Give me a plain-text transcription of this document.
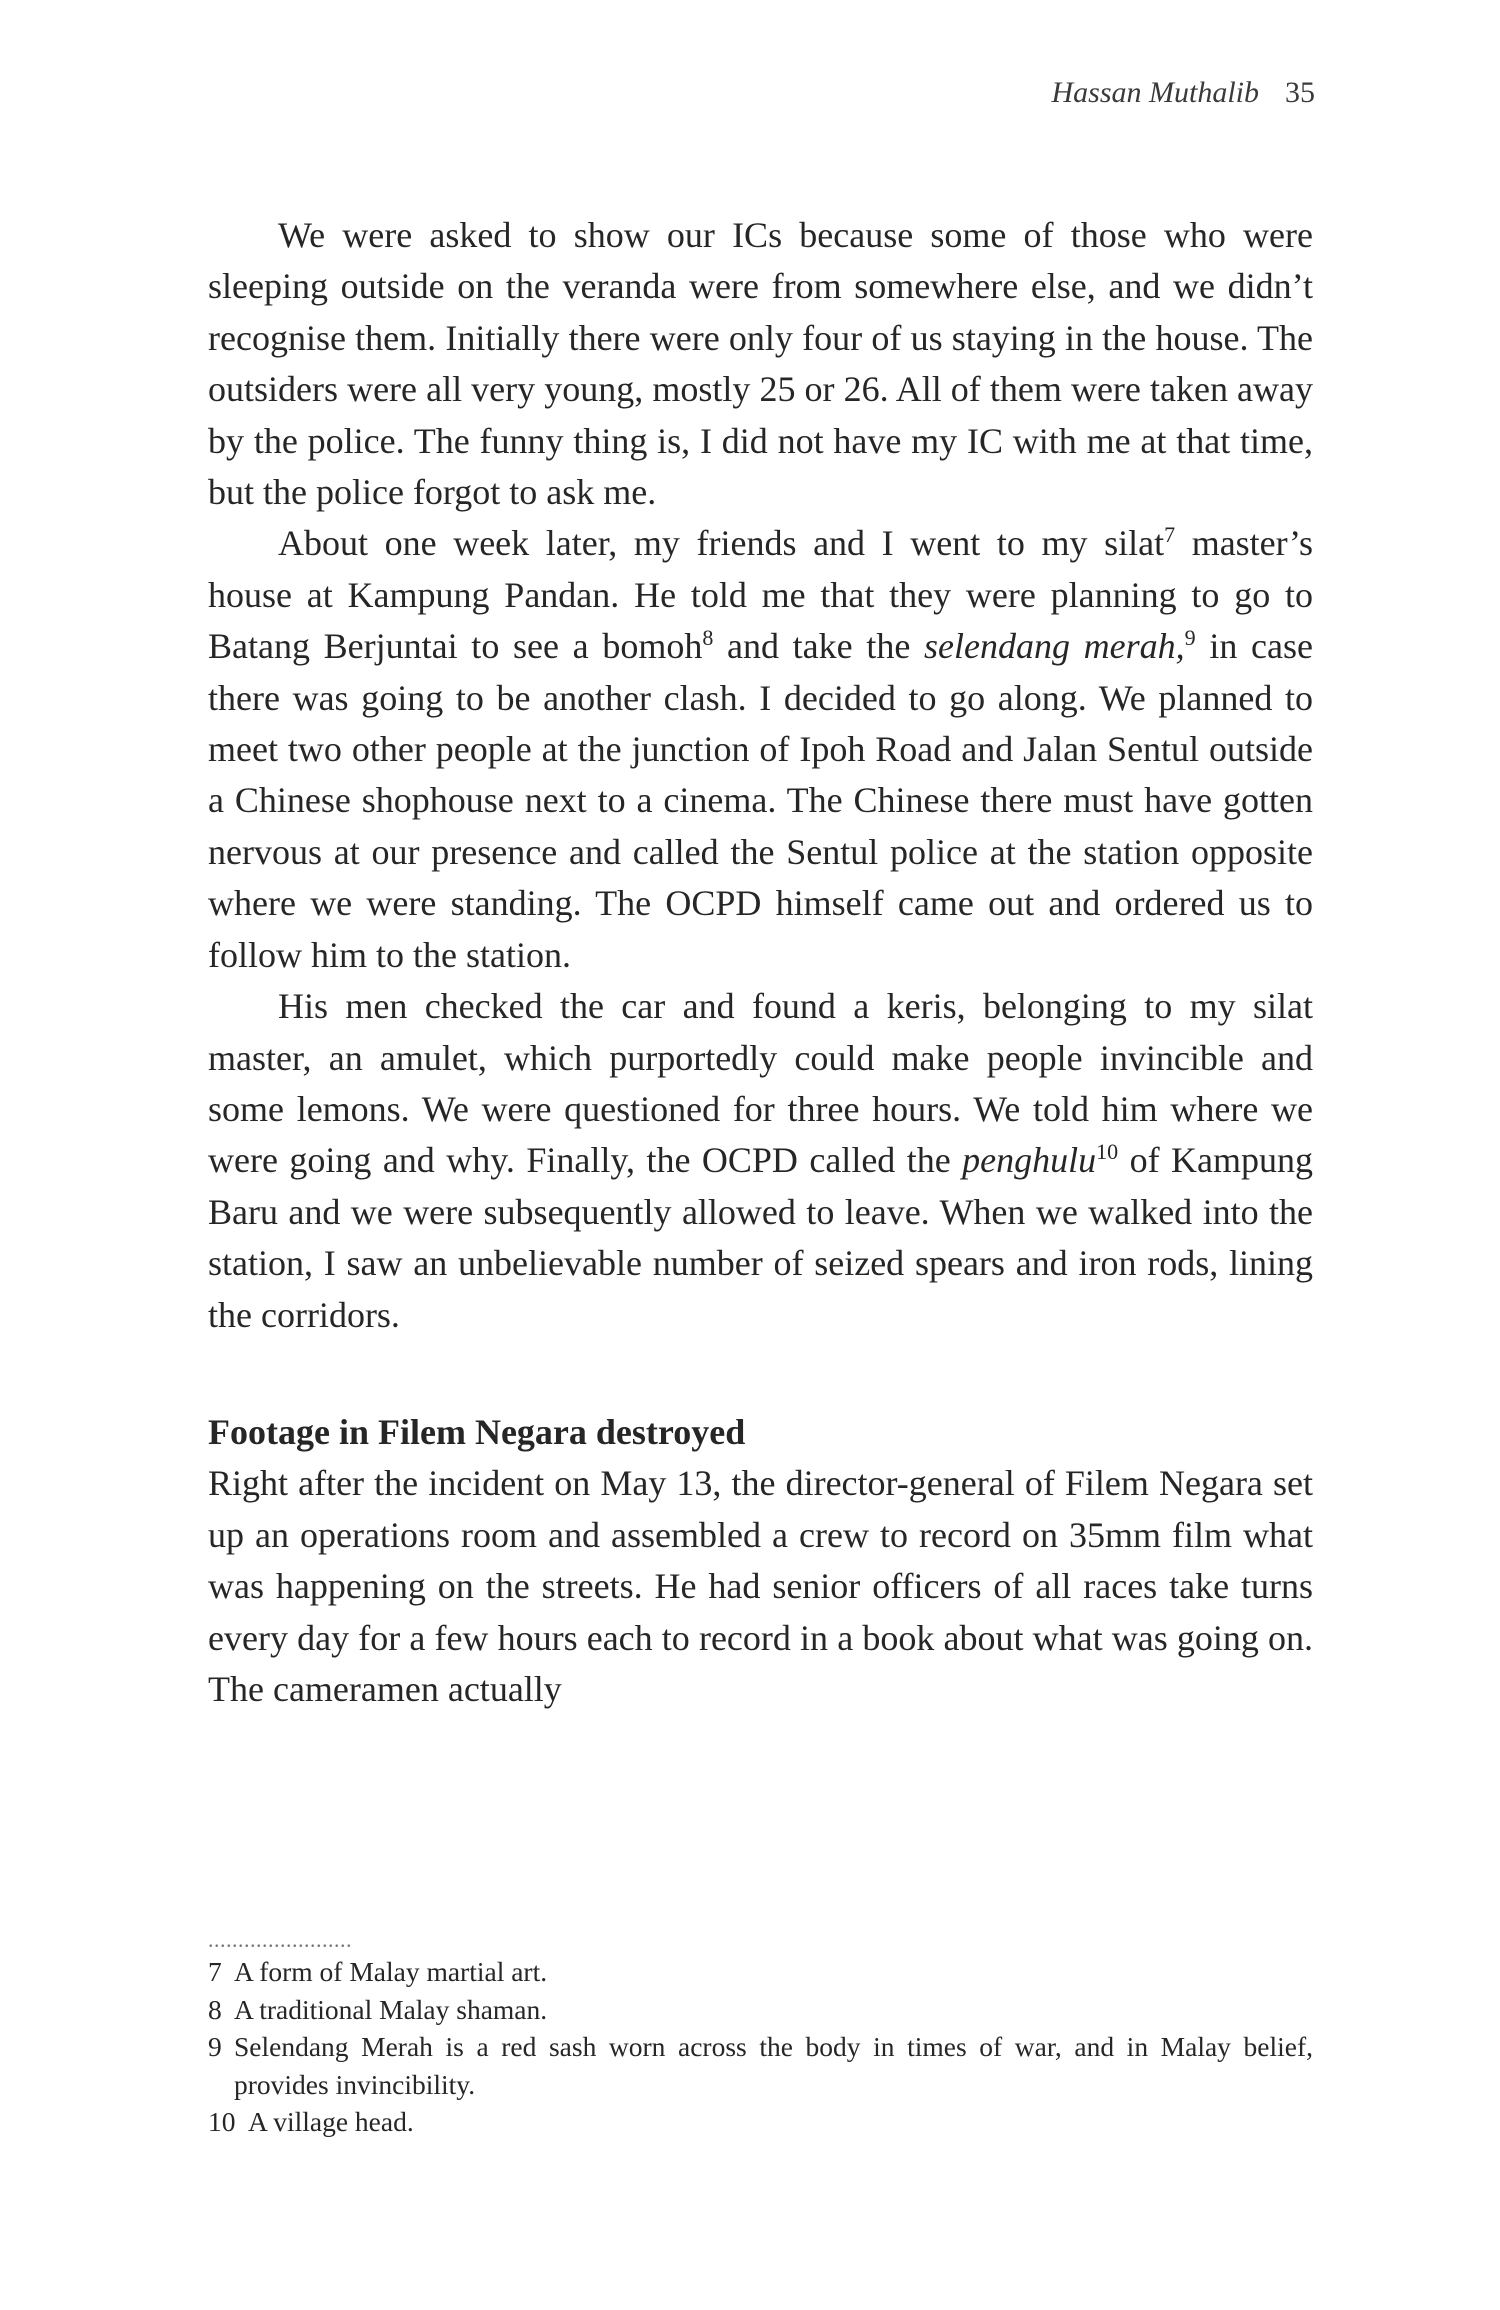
Hassan Muthalib 35

We were asked to show our ICs because some of those who were sleeping outside on the veranda were from somewhere else, and we didn’t recognise them. Initially there were only four of us staying in the house. The outsiders were all very young, mostly 25 or 26. All of them were taken away by the police. The funny thing is, I did not have my IC with me at that time, but the police forgot to ask me.

About one week later, my friends and I went to my silat$^7$ master’s house at Kampung Pandan. He told me that they were planning to go to Batang Berjuntai to see a bomoh$^8$ and take the selendang merah,$^9$ in case there was going to be another clash. I decided to go along. We planned to meet two other people at the junction of Ipoh Road and Jalan Sentul outside a Chinese shophouse next to a cinema. The Chinese there must have gotten nervous at our presence and called the Sentul police at the station opposite where we were standing. The OCPD himself came out and ordered us to follow him to the station.

His men checked the car and found a keris, belonging to my silat master, an amulet, which purportedly could make people invincible and some lemons. We were questioned for three hours. We told him where we were going and why. Finally, the OCPD called the penghulu$^{10}$ of Kampung Baru and we were subsequently allowed to leave. When we walked into the station, I saw an unbelievable number of seized spears and iron rods, lining the corridors.

Footage in Filem Negara destroyed

Right after the incident on May 13, the director-general of Filem Negara set up an operations room and assembled a crew to record on 35mm film what was happening on the streets. He had senior officers of all races take turns every day for a few hours each to record in a book about what was going on. The cameramen actually

........................
7 A form of Malay martial art.
8 A traditional Malay shaman.
9 Selendang Merah is a red sash worn across the body in times of war, and in Malay belief, provides invincibility.
10 A village head.
